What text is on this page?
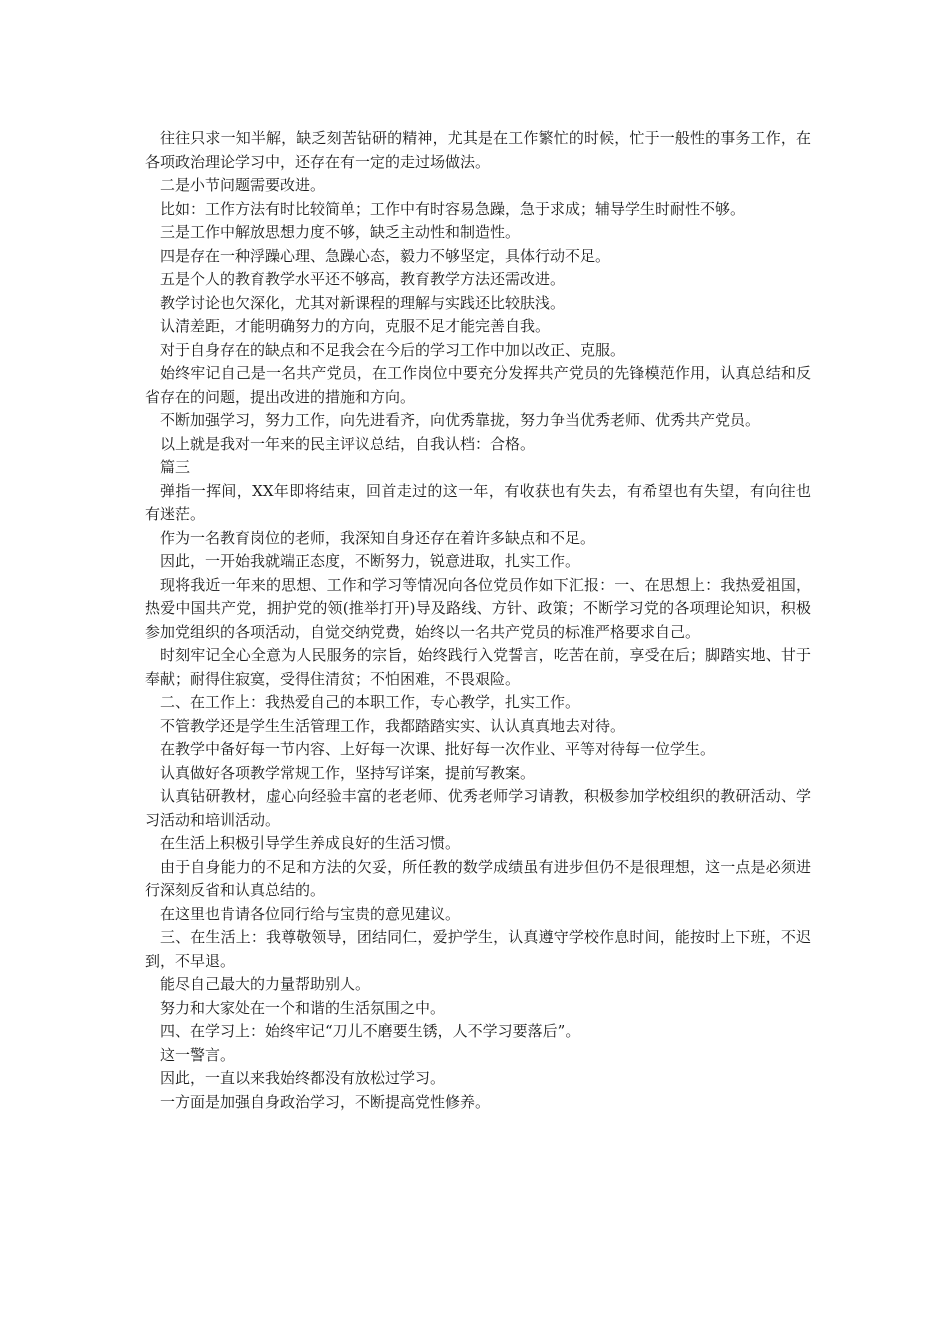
往往只求一知半解，缺乏刻苦钻研的精神，尤其是在工作繁忙的时候，忙于一般性的事务工作，在各项政治理论学习中，还存在有一定的走过场做法。

二是小节问题需要改进。

比如：工作方法有时比较简单；工作中有时容易急躁，急于求成；辅导学生时耐性不够。

三是工作中解放思想力度不够，缺乏主动性和制造性。

四是存在一种浮躁心理、急躁心态，毅力不够坚定，具体行动不足。

五是个人的教育教学水平还不够高，教育教学方法还需改进。

教学讨论也欠深化，尤其对新课程的理解与实践还比较肤浅。

认清差距，才能明确努力的方向，克服不足才能完善自我。

对于自身存在的缺点和不足我会在今后的学习工作中加以改正、克服。

始终牢记自己是一名共产党员，在工作岗位中要充分发挥共产党员的先锋模范作用，认真总结和反省存在的问题，提出改进的措施和方向。

不断加强学习，努力工作，向先进看齐，向优秀靠拢，努力争当优秀老师、优秀共产党员。

以上就是我对一年来的民主评议总结，自我认档：合格。

篇三

弹指一挥间，XX年即将结束，回首走过的这一年，有收获也有失去，有希望也有失望，有向往也有迷茫。

作为一名教育岗位的老师，我深知自身还存在着许多缺点和不足。

因此，一开始我就端正态度，不断努力，锐意进取，扎实工作。

现将我近一年来的思想、工作和学习等情况向各位党员作如下汇报：一、在思想上：我热爱祖国，热爱中国共产党，拥护党的领(推举打开)导及路线、方针、政策；不断学习党的各项理论知识，积极参加党组织的各项活动，自觉交纳党费，始终以一名共产党员的标准严格要求自己。

时刻牢记全心全意为人民服务的宗旨，始终践行入党誓言，吃苦在前，享受在后；脚踏实地、甘于奉献；耐得住寂寞，受得住清贫；不怕困难，不畏艰险。

二、在工作上：我热爱自己的本职工作，专心教学，扎实工作。

不管教学还是学生生活管理工作，我都踏踏实实、认认真真地去对待。

在教学中备好每一节内容、上好每一次课、批好每一次作业、平等对待每一位学生。

认真做好各项教学常规工作，坚持写详案，提前写教案。

认真钻研教材，虚心向经验丰富的老老师、优秀老师学习请教，积极参加学校组织的教研活动、学习活动和培训活动。

在生活上积极引导学生养成良好的生活习惯。

由于自身能力的不足和方法的欠妥，所任教的数学成绩虽有进步但仍不是很理想，这一点是必须进行深刻反省和认真总结的。

在这里也肯请各位同行给与宝贵的意见建议。

三、在生活上：我尊敬领导，团结同仁，爱护学生，认真遵守学校作息时间，能按时上下班，不迟到，不早退。

能尽自己最大的力量帮助别人。

努力和大家处在一个和谐的生活氛围之中。

四、在学习上：始终牢记“刀儿不磨要生锈，人不学习要落后”。

这一警言。

因此，一直以来我始终都没有放松过学习。

一方面是加强自身政治学习，不断提高党性修养。
